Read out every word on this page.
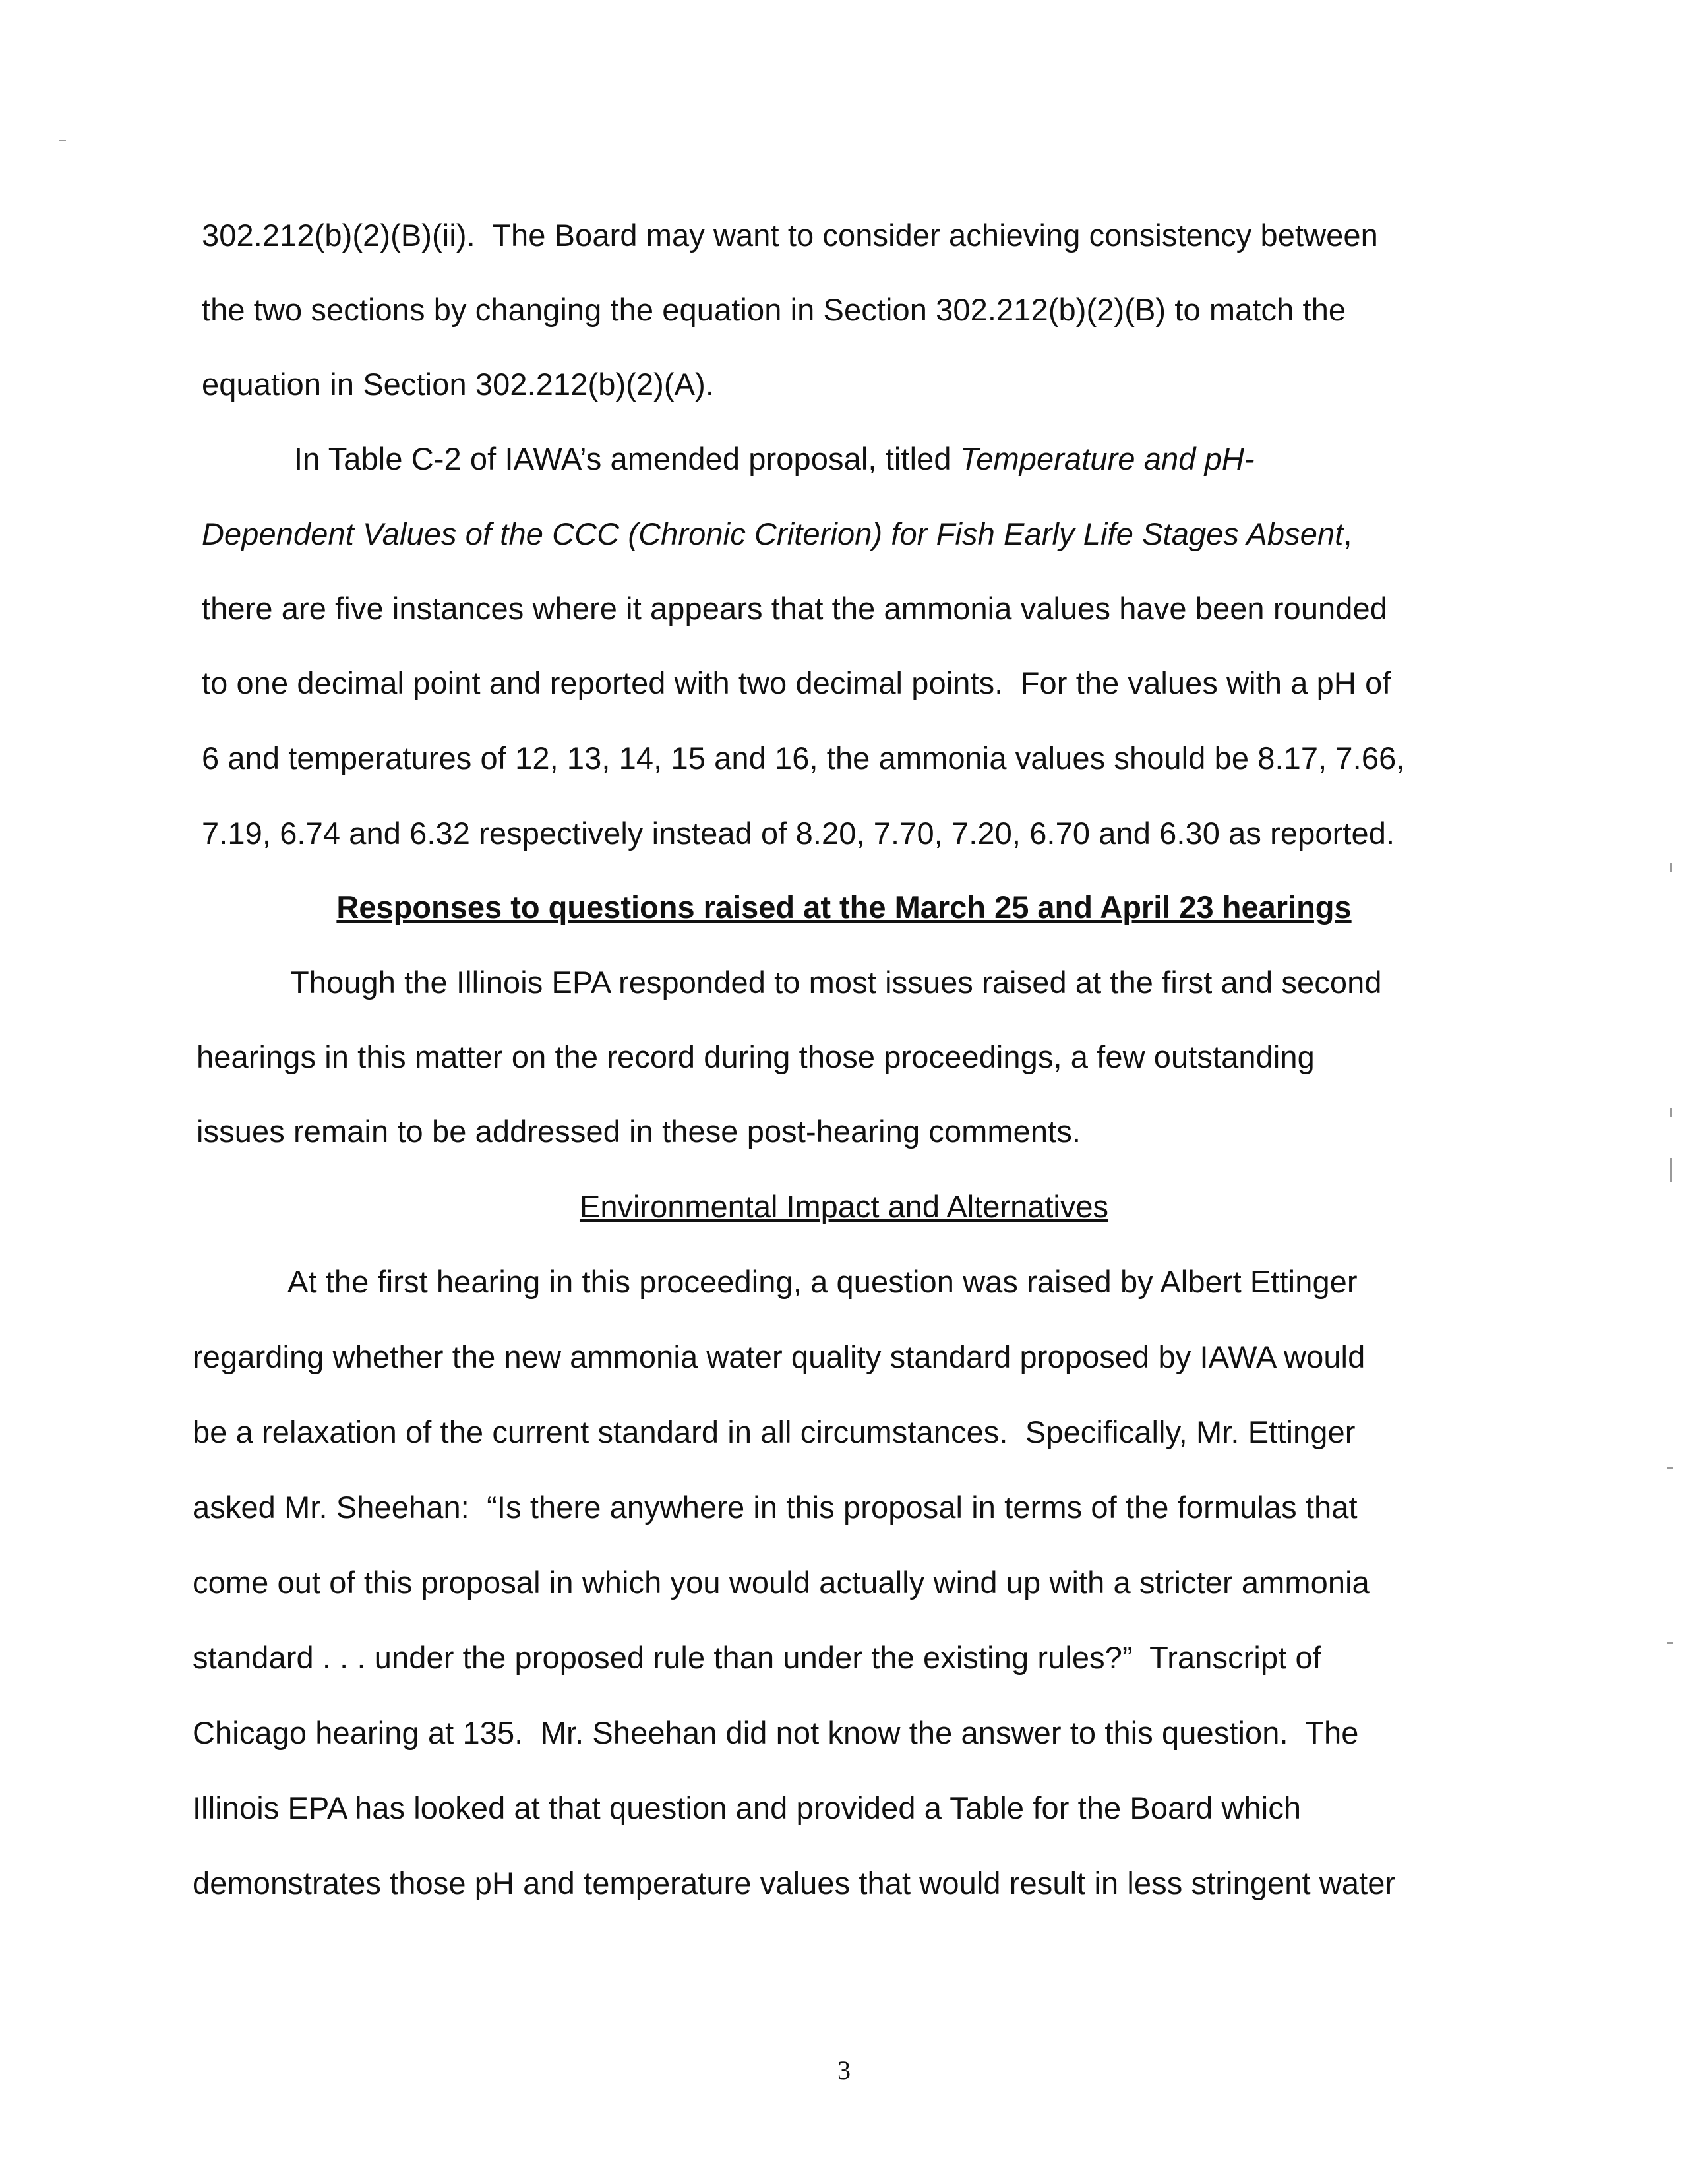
302.212(b)(2)(B)(ii).  The Board may want to consider achieving consistency between
the two sections by changing the equation in Section 302.212(b)(2)(B) to match the
equation in Section 302.212(b)(2)(A).
In Table C-2 of IAWA’s amended proposal, titled Temperature and pH-
Dependent Values of the CCC (Chronic Criterion) for Fish Early Life Stages Absent,
there are five instances where it appears that the ammonia values have been rounded
to one decimal point and reported with two decimal points.  For the values with a pH of
6 and temperatures of 12, 13, 14, 15 and 16, the ammonia values should be 8.17, 7.66,
7.19, 6.74 and 6.32 respectively instead of 8.20, 7.70, 7.20, 6.70 and 6.30 as reported.
Responses to questions raised at the March 25 and April 23 hearings
Though the Illinois EPA responded to most issues raised at the first and second
hearings in this matter on the record during those proceedings, a few outstanding
issues remain to be addressed in these post-hearing comments.
Environmental Impact and Alternatives
At the first hearing in this proceeding, a question was raised by Albert Ettinger
regarding whether the new ammonia water quality standard proposed by IAWA would
be a relaxation of the current standard in all circumstances.  Specifically, Mr. Ettinger
asked Mr. Sheehan:  “Is there anywhere in this proposal in terms of the formulas that
come out of this proposal in which you would actually wind up with a stricter ammonia
standard . . . under the proposed rule than under the existing rules?”  Transcript of
Chicago hearing at 135.  Mr. Sheehan did not know the answer to this question.  The
Illinois EPA has looked at that question and provided a Table for the Board which
demonstrates those pH and temperature values that would result in less stringent water
3
